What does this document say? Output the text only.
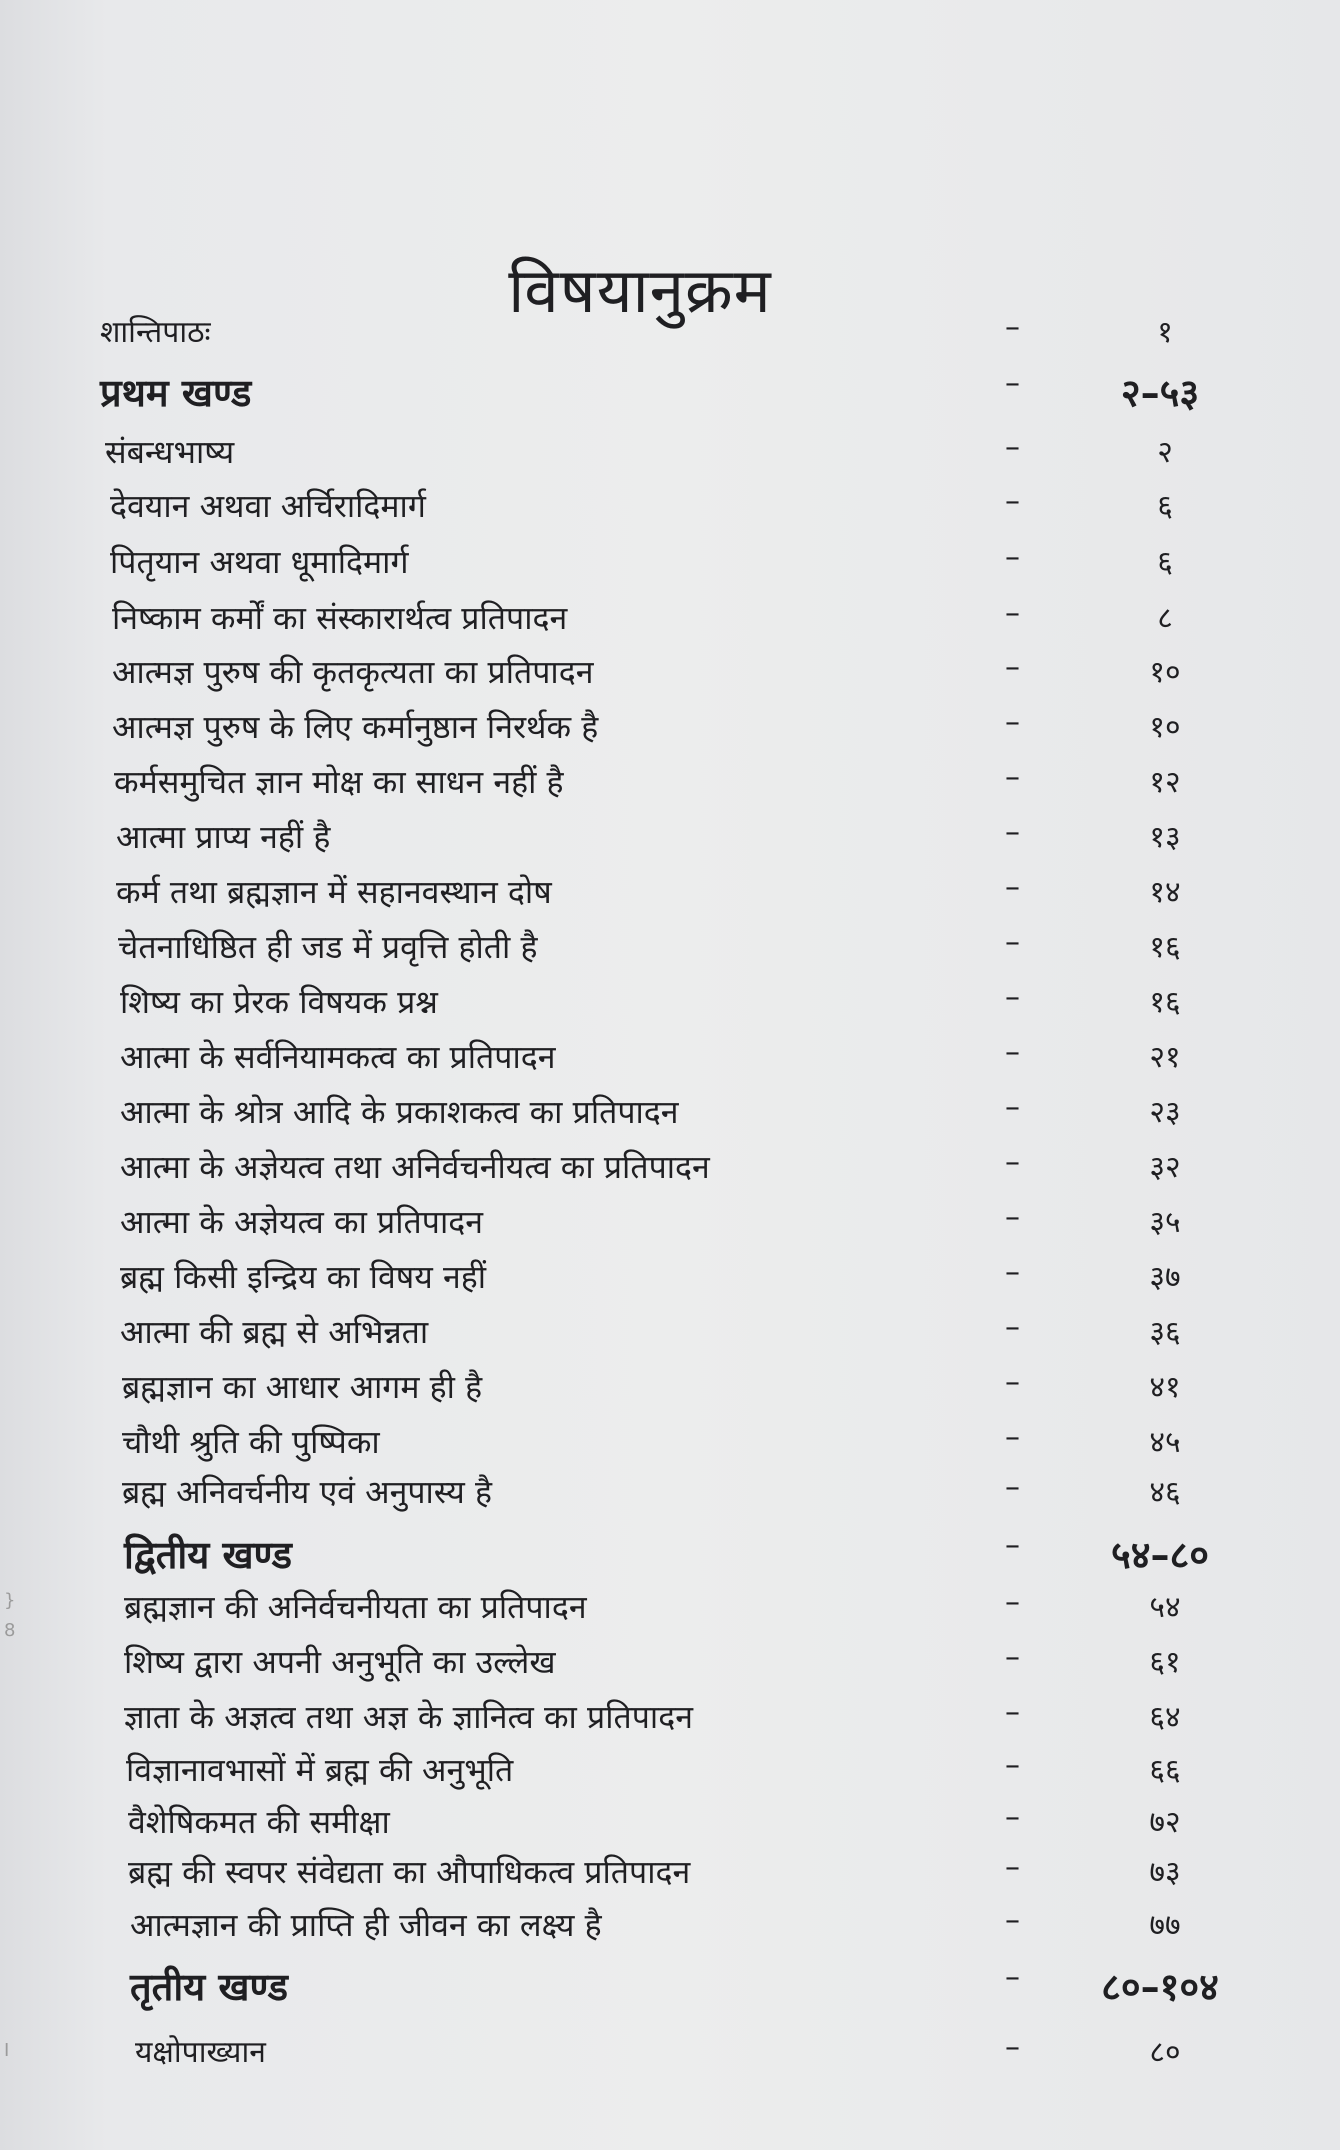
}
8
I
विषयानुक्रम
शान्तिपाठः	–	१
प्रथम खण्ड	–	२–५३
संबन्धभाष्य	–	२
देवयान अथवा अर्चिरादिमार्ग	–	६
पितृयान अथवा धूमादिमार्ग	–	६
निष्काम कर्मों का संस्कारार्थत्व प्रतिपादन	–	८
आत्मज्ञ पुरुष की कृतकृत्यता का प्रतिपादन	–	१०
आत्मज्ञ पुरुष के लिए कर्मानुष्ठान निरर्थक है	–	१०
कर्मसमुचित ज्ञान मोक्ष का साधन नहीं है	–	१२
आत्मा प्राप्य नहीं है	–	१३
कर्म तथा ब्रह्मज्ञान में सहानवस्थान दोष	–	१४
चेतनाधिष्ठित ही जड में प्रवृत्ति होती है	–	१६
शिष्य का प्रेरक विषयक प्रश्न	–	१६
आत्मा के सर्वनियामकत्व का प्रतिपादन	–	२१
आत्मा के श्रोत्र आदि के प्रकाशकत्व का प्रतिपादन	–	२३
आत्मा के अज्ञेयत्व तथा अनिर्वचनीयत्व का प्रतिपादन	–	३२
आत्मा के अज्ञेयत्व का प्रतिपादन	–	३५
ब्रह्म किसी इन्द्रिय का विषय नहीं	–	३७
आत्मा की ब्रह्म से अभिन्नता	–	३६
ब्रह्मज्ञान का आधार आगम ही है	–	४१
चौथी श्रुति की पुष्पिका	–	४५
ब्रह्म अनिवर्चनीय एवं अनुपास्य है	–	४६
द्वितीय खण्ड	–	५४–८०
ब्रह्मज्ञान की अनिर्वचनीयता का प्रतिपादन	–	५४
शिष्य द्वारा अपनी अनुभूति का उल्लेख	–	६१
ज्ञाता के अज्ञत्व तथा अज्ञ के ज्ञानित्व का प्रतिपादन	–	६४
विज्ञानावभासों में ब्रह्म की अनुभूति	–	६६
वैशेषिकमत की समीक्षा	–	७२
ब्रह्म की स्वपर संवेद्यता का औपाधिकत्व प्रतिपादन	–	७३
आत्मज्ञान की प्राप्ति ही जीवन का लक्ष्य है	–	७७
तृतीय खण्ड	–	८०–१०४
यक्षोपाख्यान	–	८०
